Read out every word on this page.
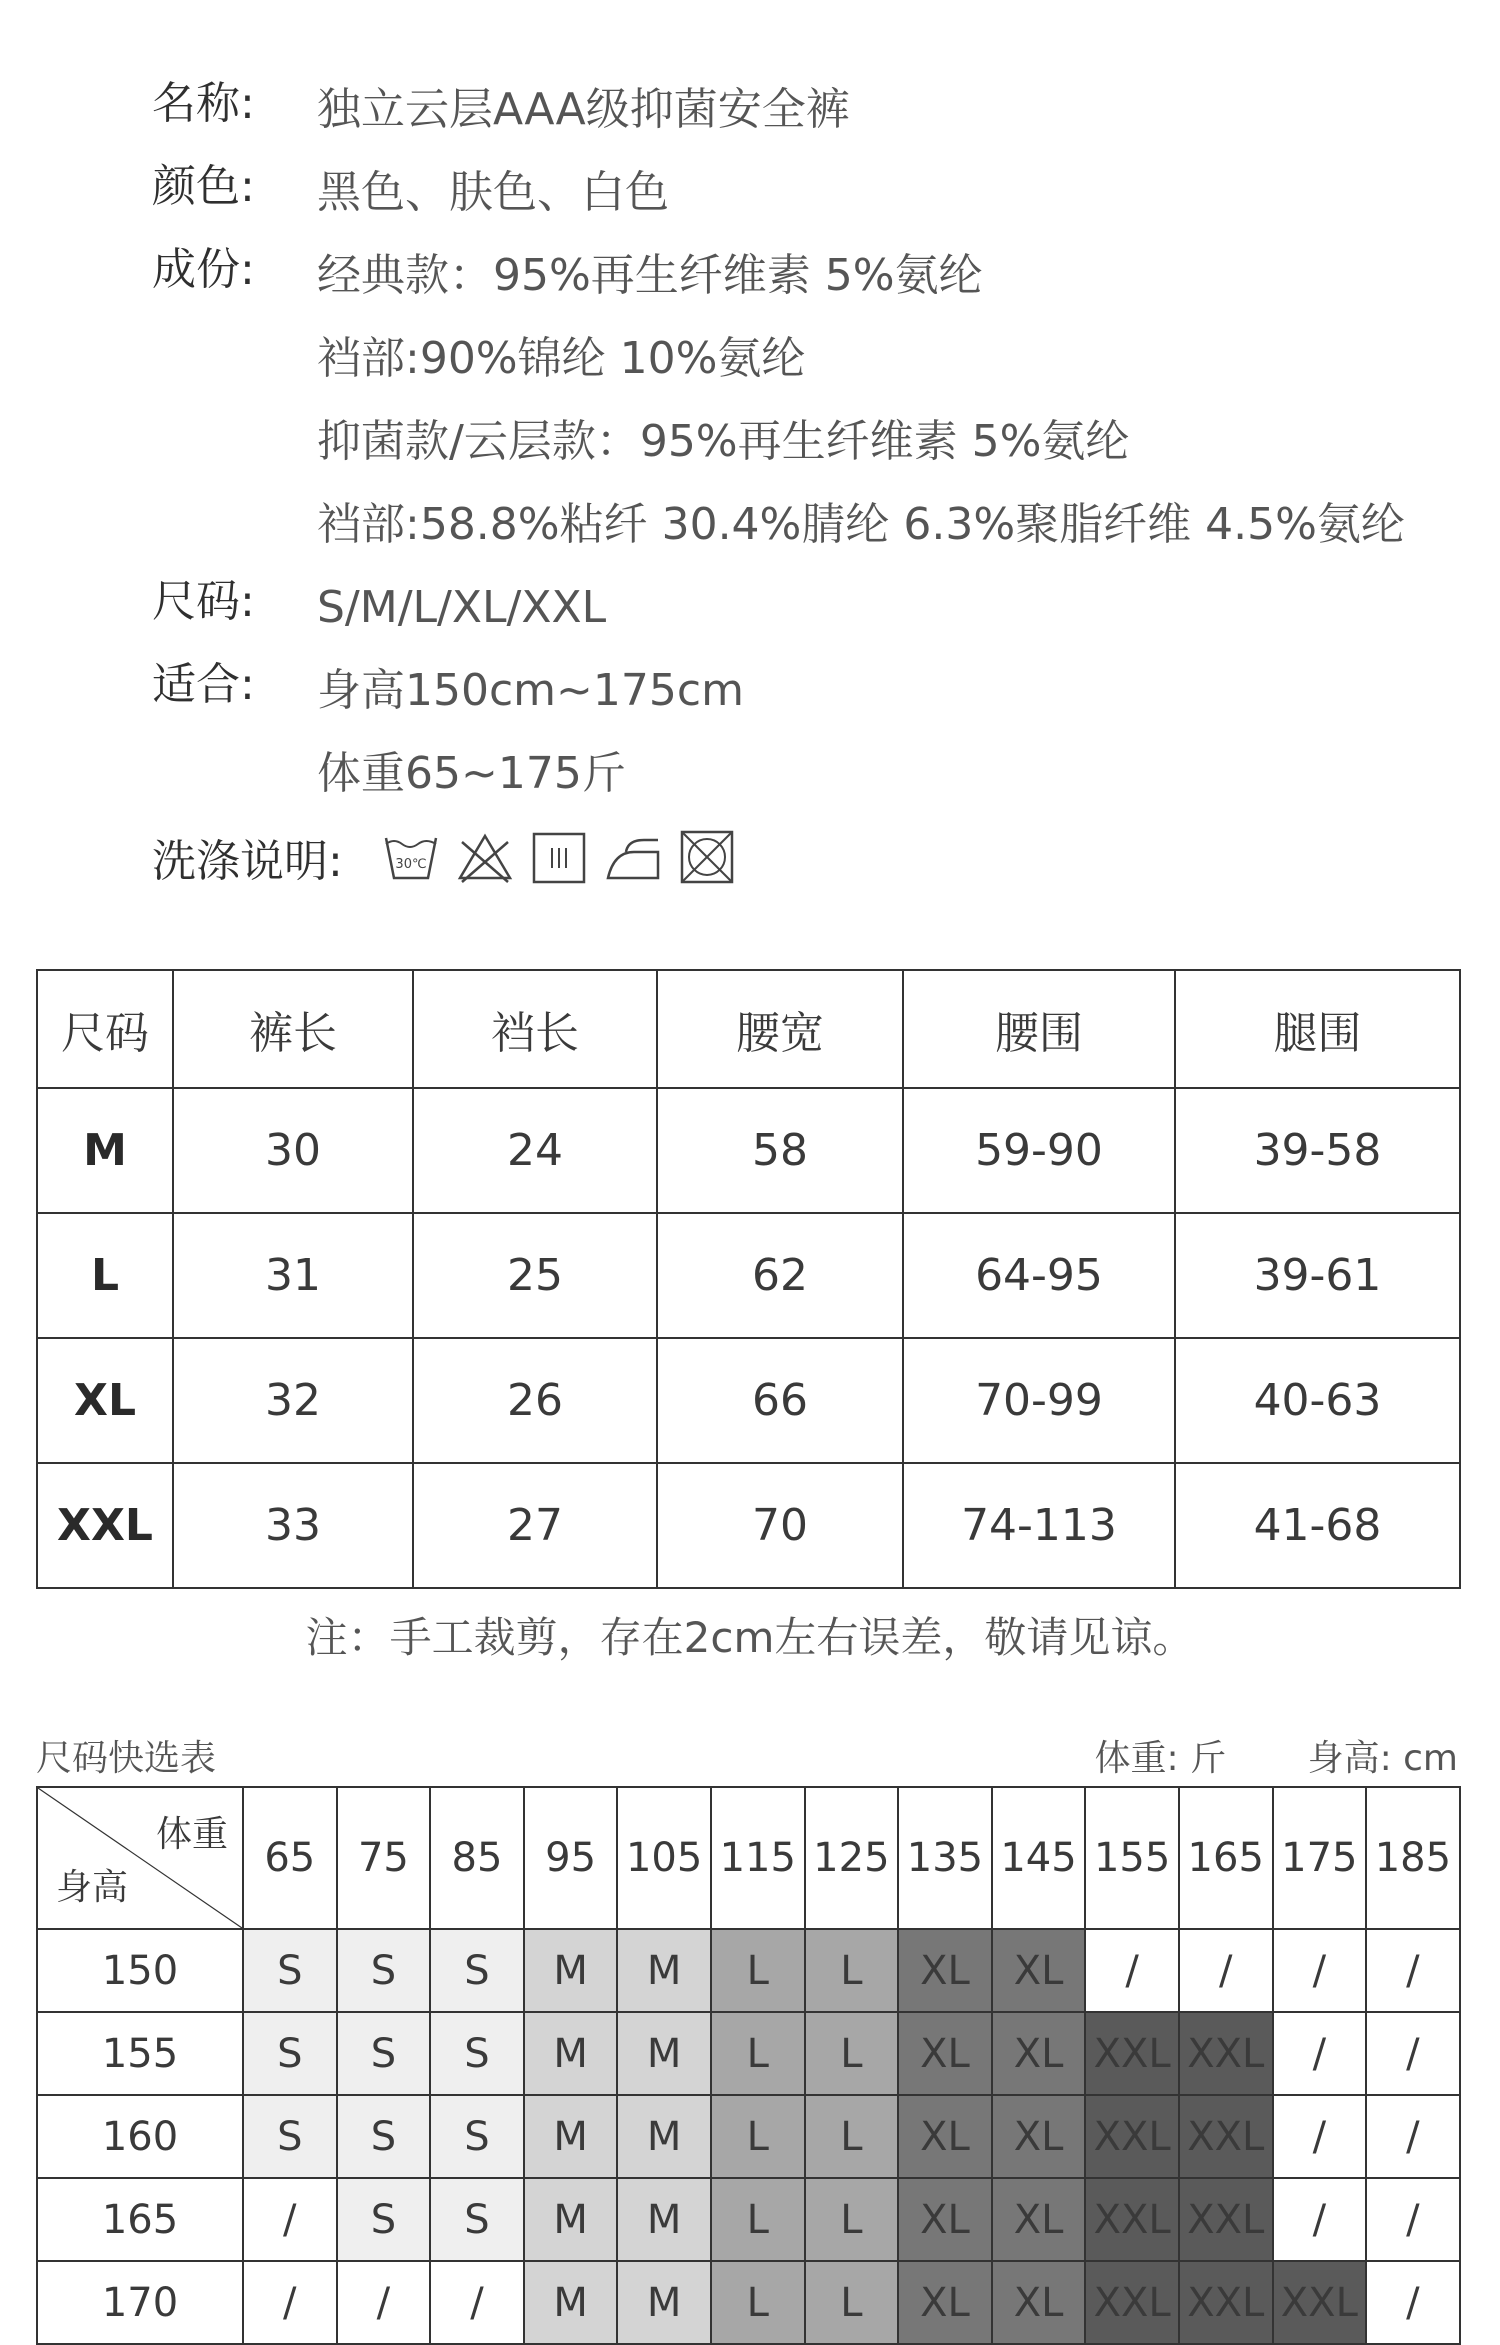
名称:	独立云层AAA级抑菌安全裤
颜色:	黑色、肤色、白色
成份:	经典款：95%再生纤维素 5%氨纶
裆部:90%锦纶 10%氨纶
抑菌款/云层款：95%再生纤维素 5%氨纶
裆部:58.8%粘纤 30.4%腈纶 6.3%聚脂纤维 4.5%氨纶
尺码:	S/M/L/XL/XXL
适合:	身高150cm~175cm
体重65~175斤
洗涤说明:	30℃
尺码	裤长	裆长	腰宽	腰围	腿围
M	30	24	58	59-90	39-58
L	31	25	62	64-95	39-61
XL	32	26	66	70-99	40-63
XXL	33	27	70	74-113	41-68
注：手工裁剪，存在2cm左右误差，敬请见谅。
尺码快选表	体重: 斤 身高: cm
体重
身高	65	75	85	95	105	115	125	135	145	155	165	175	185
150	S	S	S	M	M	L	L	XL	XL	/	/	/	/
155	S	S	S	M	M	L	L	XL	XL	XXL	XXL	/	/
160	S	S	S	M	M	L	L	XL	XL	XXL	XXL	/	/
165	/	S	S	M	M	L	L	XL	XL	XXL	XXL	/	/
170	/	/	/	M	M	L	L	XL	XL	XXL	XXL	XXL	/
